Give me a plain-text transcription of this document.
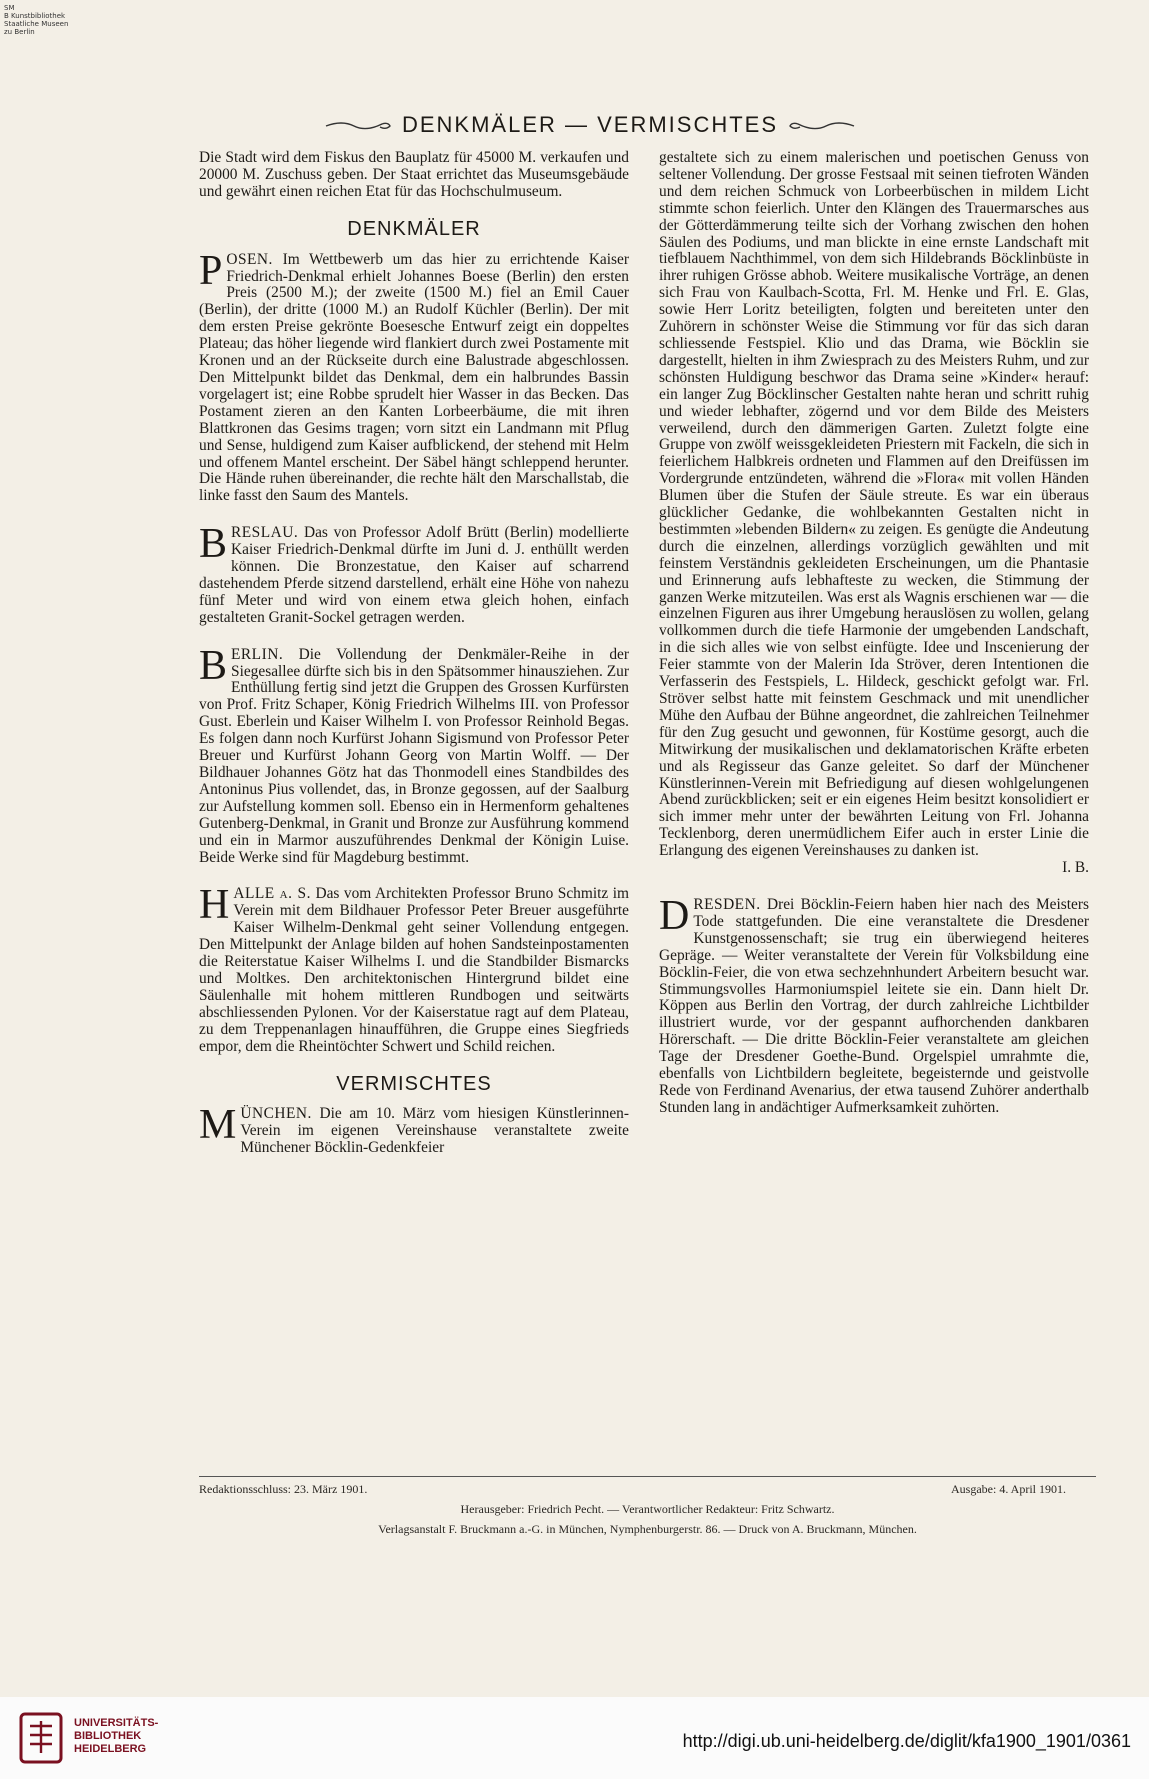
SM
B Kunstbibliothek
Staatliche Museen
zu Berlin
DENKMÄLER — VERMISCHTES

Die Stadt wird dem Fiskus den Bauplatz für 45000 M. verkaufen und 20000 M. Zuschuss geben. Der Staat errichtet das Museumsgebäude und gewährt einen reichen Etat für das Hochschulmuseum.

DENKMÄLER

POSEN. Im Wettbewerb um das hier zu errichtende Kaiser Friedrich-Denkmal erhielt Johannes Boese (Berlin) den ersten Preis (2500 M.); der zweite (1500 M.) fiel an Emil Cauer (Berlin), der dritte (1000 M.) an Rudolf Küchler (Berlin). Der mit dem ersten Preise gekrönte Boesesche Entwurf zeigt ein doppeltes Plateau; das höher liegende wird flankiert durch zwei Postamente mit Kronen und an der Rückseite durch eine Balustrade abgeschlossen. Den Mittelpunkt bildet das Denkmal, dem ein halbrundes Bassin vorgelagert ist; eine Robbe sprudelt hier Wasser in das Becken. Das Postament zieren an den Kanten Lorbeerbäume, die mit ihren Blattkronen das Gesims tragen; vorn sitzt ein Landmann mit Pflug und Sense, huldigend zum Kaiser aufblickend, der stehend mit Helm und offenem Mantel erscheint. Der Säbel hängt schleppend herunter. Die Hände ruhen übereinander, die rechte hält den Marschallstab, die linke fasst den Saum des Mantels.

BRESLAU. Das von Professor Adolf Brütt (Berlin) modellierte Kaiser Friedrich-Denkmal dürfte im Juni d. J. enthüllt werden können. Die Bronzestatue, den Kaiser auf scharrend dastehendem Pferde sitzend darstellend, erhält eine Höhe von nahezu fünf Meter und wird von einem etwa gleich hohen, einfach gestalteten Granit-Sockel getragen werden.

BERLIN. Die Vollendung der Denkmäler-Reihe in der Siegesallee dürfte sich bis in den Spätsommer hinausziehen. Zur Enthüllung fertig sind jetzt die Gruppen des Grossen Kurfürsten von Prof. Fritz Schaper, König Friedrich Wilhelms III. von Professor Gust. Eberlein und Kaiser Wilhelm I. von Professor Reinhold Begas. Es folgen dann noch Kurfürst Johann Sigismund von Professor Peter Breuer und Kurfürst Johann Georg von Martin Wolff. — Der Bildhauer Johannes Götz hat das Thonmodell eines Standbildes des Antoninus Pius vollendet, das, in Bronze gegossen, auf der Saalburg zur Aufstellung kommen soll. Ebenso ein in Hermenform gehaltenes Gutenberg-Denkmal, in Granit und Bronze zur Ausführung kommend und ein in Marmor auszuführendes Denkmal der Königin Luise. Beide Werke sind für Magdeburg bestimmt.

HALLE a. S. Das vom Architekten Professor Bruno Schmitz im Verein mit dem Bildhauer Professor Peter Breuer ausgeführte Kaiser Wilhelm-Denkmal geht seiner Vollendung entgegen. Den Mittelpunkt der Anlage bilden auf hohen Sandsteinpostamenten die Reiterstatue Kaiser Wilhelms I. und die Standbilder Bismarcks und Moltkes. Den architektonischen Hintergrund bildet eine Säulenhalle mit hohem mittleren Rundbogen und seitwärts abschliessenden Pylonen. Vor der Kaiserstatue ragt auf dem Plateau, zu dem Treppenanlagen hinaufführen, die Gruppe eines Siegfrieds empor, dem die Rheintöchter Schwert und Schild reichen.

VERMISCHTES

MÜNCHEN. Die am 10. März vom hiesigen Künstlerinnen-Verein im eigenen Vereinshause veranstaltete zweite Münchener Böcklin-Gedenkfeier

gestaltete sich zu einem malerischen und poetischen Genuss von seltener Vollendung. Der grosse Festsaal mit seinen tiefroten Wänden und dem reichen Schmuck von Lorbeerbüschen in mildem Licht stimmte schon feierlich. Unter den Klängen des Trauermarsches aus der Götterdämmerung teilte sich der Vorhang zwischen den hohen Säulen des Podiums, und man blickte in eine ernste Landschaft mit tiefblauem Nachthimmel, von dem sich Hildebrands Böcklinbüste in ihrer ruhigen Grösse abhob. Weitere musikalische Vorträge, an denen sich Frau von Kaulbach-Scotta, Frl. M. Henke und Frl. E. Glas, sowie Herr Loritz beteiligten, folgten und bereiteten unter den Zuhörern in schönster Weise die Stimmung vor für das sich daran schliessende Festspiel. Klio und das Drama, wie Böcklin sie dargestellt, hielten in ihm Zwiesprach zu des Meisters Ruhm, und zur schönsten Huldigung beschwor das Drama seine »Kinder« herauf: ein langer Zug Böcklinscher Gestalten nahte heran und schritt ruhig und wieder lebhafter, zögernd und vor dem Bilde des Meisters verweilend, durch den dämmerigen Garten. Zuletzt folgte eine Gruppe von zwölf weissgekleideten Priestern mit Fackeln, die sich in feierlichem Halbkreis ordneten und Flammen auf den Dreifüssen im Vordergrunde entzündeten, während die »Flora« mit vollen Händen Blumen über die Stufen der Säule streute. Es war ein überaus glücklicher Gedanke, die wohlbekannten Gestalten nicht in bestimmten »lebenden Bildern« zu zeigen. Es genügte die Andeutung durch die einzelnen, allerdings vorzüglich gewählten und mit feinstem Verständnis gekleideten Erscheinungen, um die Phantasie und Erinnerung aufs lebhafteste zu wecken, die Stimmung der ganzen Werke mitzuteilen. Was erst als Wagnis erschienen war — die einzelnen Figuren aus ihrer Umgebung herauslösen zu wollen, gelang vollkommen durch die tiefe Harmonie der umgebenden Landschaft, in die sich alles wie von selbst einfügte. Idee und Inscenierung der Feier stammte von der Malerin Ida Ströver, deren Intentionen die Verfasserin des Festspiels, L. Hildeck, geschickt gefolgt war. Frl. Ströver selbst hatte mit feinstem Geschmack und mit unendlicher Mühe den Aufbau der Bühne angeordnet, die zahlreichen Teilnehmer für den Zug gesucht und gewonnen, für Kostüme gesorgt, auch die Mitwirkung der musikalischen und deklamatorischen Kräfte erbeten und als Regisseur das Ganze geleitet. So darf der Münchener Künstlerinnen-Verein mit Befriedigung auf diesen wohlgelungenen Abend zurückblicken; seit er ein eigenes Heim besitzt konsolidiert er sich immer mehr unter der bewährten Leitung von Frl. Johanna Tecklenborg, deren unermüdlichem Eifer auch in erster Linie die Erlangung des eigenen Vereinshauses zu danken ist.

I. B.

DRESDEN. Drei Böcklin-Feiern haben hier nach des Meisters Tode stattgefunden. Die eine veranstaltete die Dresdener Kunstgenossenschaft; sie trug ein überwiegend heiteres Gepräge. — Weiter veranstaltete der Verein für Volksbildung eine Böcklin-Feier, die von etwa sechzehnhundert Arbeitern besucht war. Stimmungsvolles Harmoniumspiel leitete sie ein. Dann hielt Dr. Köppen aus Berlin den Vortrag, der durch zahlreiche Lichtbilder illustriert wurde, vor der gespannt aufhorchenden dankbaren Hörerschaft. — Die dritte Böcklin-Feier veranstaltete am gleichen Tage der Dresdener Goethe-Bund. Orgelspiel umrahmte die, ebenfalls von Lichtbildern begleitete, begeisternde und geistvolle Rede von Ferdinand Avenarius, der etwa tausend Zuhörer anderthalb Stunden lang in andächtiger Aufmerksamkeit zuhörten.

Redaktionsschluss: 23. März 1901.	Ausgabe: 4. April 1901.
Herausgeber: Friedrich Pecht. — Verantwortlicher Redakteur: Fritz Schwartz.
Verlagsanstalt F. Bruckmann a.-G. in München, Nymphenburgerstr. 86. — Druck von A. Bruckmann, München.
UNIVERSITÄTS-
BIBLIOTHEK
HEIDELBERG	http://digi.ub.uni-heidelberg.de/diglit/kfa1900_1901/0361
